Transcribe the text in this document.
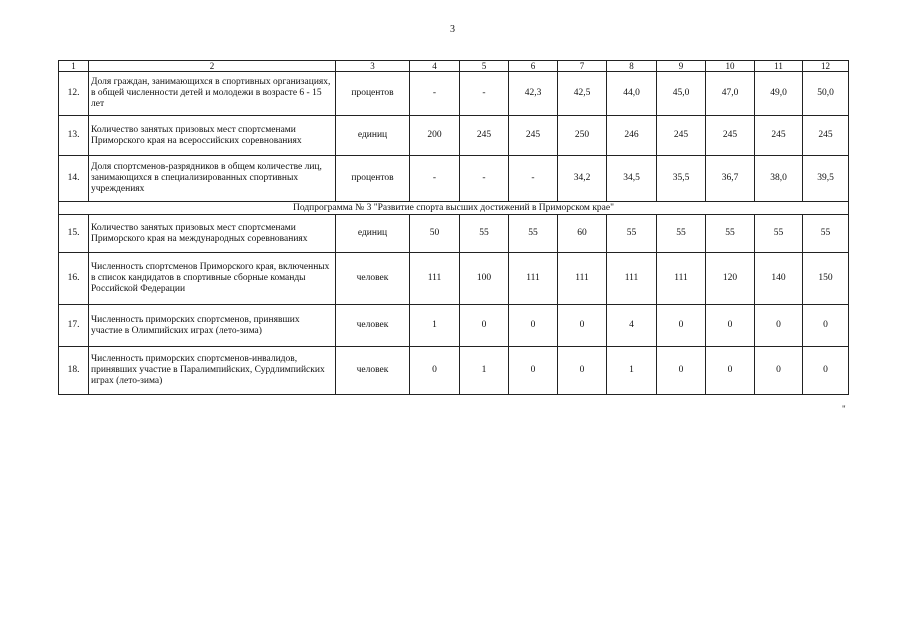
3
1	2	3	4	5	6	7	8	9	10	11	12
12.	Доля граждан, занимающихся в спортивных организациях, в общей численности детей и молодежи в возрасте 6 - 15 лет	процентов	-	-	42,3	42,5	44,0	45,0	47,0	49,0	50,0
13.	Количество занятых призовых мест спортсменами Приморского края на всероссийских соревнованиях	единиц	200	245	245	250	246	245	245	245	245
14.	Доля спортсменов-разрядников в общем количестве лиц, занимающихся в специализированных спортивных учреждениях	процентов	-	-	-	34,2	34,5	35,5	36,7	38,0	39,5
Подпрограмма № 3 "Развитие спорта высших достижений в Приморском крае"											
15.	Количество занятых призовых мест спортсменами Приморского края на международных соревнованиях	единиц	50	55	55	60	55	55	55	55	55
16.	Численность спортсменов Приморского края, включенных в список кандидатов в спортивные сборные команды Российской Федерации	человек	111	100	111	111	111	111	120	140	150
17.	Численность приморских спортсменов, принявших участие в Олимпийских играх (лето-зима)	человек	1	0	0	0	4	0	0	0	0
18.	Численность приморских спортсменов-инвалидов, принявших участие в Паралимпийских, Сурдлимпийских играх (лето-зима)	человек	0	1	0	0	1	0	0	0	0
"
